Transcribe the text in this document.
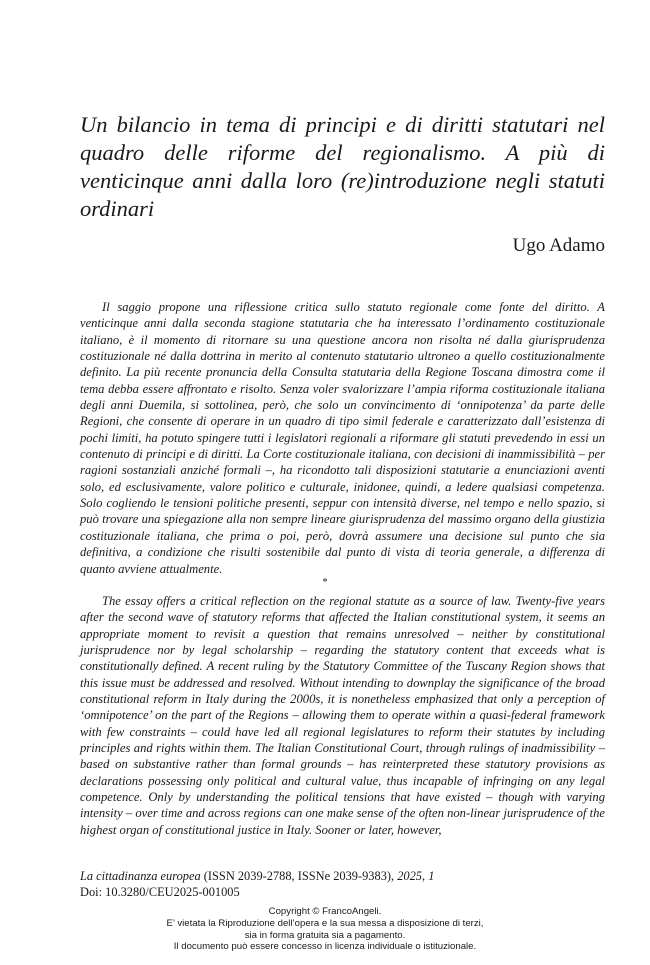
Un bilancio in tema di principi e di diritti statutari nel quadro delle riforme del regionalismo. A più di venticinque anni dalla loro (re)introduzione negli statuti ordinari

Ugo Adamo

Il saggio propone una riflessione critica sullo statuto regionale come fonte del diritto. A venticinque anni dalla seconda stagione statutaria che ha interessato l’ordinamento costituzionale italiano, è il momento di ritornare su una questione ancora non risolta né dalla giurisprudenza costituzionale né dalla dottrina in merito al contenuto statutario ultroneo a quello costituzionalmente definito. La più recente pronuncia della Consulta statutaria della Regione Toscana dimostra come il tema debba essere affrontato e risolto. Senza voler svalorizzare l’ampia riforma costituzionale italiana degli anni Duemila, si sottolinea, però, che solo un convincimento di ‘onnipotenza’ da parte delle Regioni, che consente di operare in un quadro di tipo simil federale e caratterizzato dall’esistenza di pochi limiti, ha potuto spingere tutti i legislatori regionali a riformare gli statuti prevedendo in essi un contenuto di principi e di diritti. La Corte costituzionale italiana, con decisioni di inammissibilità – per ragioni sostanziali anziché formali –, ha ricondotto tali disposizioni statutarie a enunciazioni aventi solo, ed esclusivamente, valore politico e culturale, inidonee, quindi, a ledere qualsiasi competenza. Solo cogliendo le tensioni politiche presenti, seppur con intensità diverse, nel tempo e nello spazio, si può trovare una spiegazione alla non sempre lineare giurisprudenza del massimo organo della giustizia costituzionale italiana, che prima o poi, però, dovrà assumere una decisione sul punto che sia definitiva, a condizione che risulti sostenibile dal punto di vista di teoria generale, a differenza di quanto avviene attualmente.

*

The essay offers a critical reflection on the regional statute as a source of law. Twenty-five years after the second wave of statutory reforms that affected the Italian constitutional system, it seems an appropriate moment to revisit a question that remains unresolved – neither by constitutional jurisprudence nor by legal scholarship – regarding the statutory content that exceeds what is constitutionally defined. A recent ruling by the Statutory Committee of the Tuscany Region shows that this issue must be addressed and resolved. Without intending to downplay the significance of the broad constitutional reform in Italy during the 2000s, it is nonetheless emphasized that only a perception of ‘omnipotence’ on the part of the Regions – allowing them to operate within a quasi-federal framework with few constraints – could have led all regional legislatures to reform their statutes by including principles and rights within them. The Italian Constitutional Court, through rulings of inadmissibility – based on substantive rather than formal grounds – has reinterpreted these statutory provisions as declarations possessing only political and cultural value, thus incapable of infringing on any legal competence. Only by understanding the political tensions that have existed – though with varying intensity – over time and across regions can one make sense of the often non-linear jurisprudence of the highest organ of constitutional justice in Italy. Sooner or later, however,

La cittadinanza europea (ISSN 2039-2788, ISSNe 2039-9383), 2025, 1
Doi: 10.3280/CEU2025-001005
Copyright © FrancoAngeli.
E’ vietata la Riproduzione dell’opera e la sua messa a disposizione di terzi,
sia in forma gratuita sia a pagamento.
Il documento può essere concesso in licenza individuale o istituzionale.
